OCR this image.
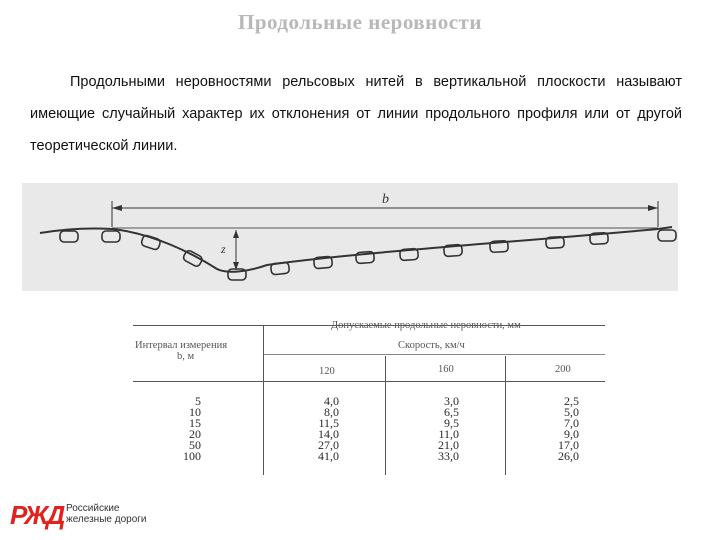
Продольные неровности
Продольными неровностями рельсовых нитей в вертикальной плоскости называют имеющие случайный характер их отклонения от линии продольного профиля или от другой теоретической линии.
b
z
Интервал измерения
b, м
Допускаемые продольные неровности, мм
Скорость, км/ч
120	160	200
5
10
15
20
50
100
4,0
8,0
11,5
14,0
27,0
41,0
3,0
6,5
9,5
11,0
21,0
33,0
2,5
5,0
7,0
9,0
17,0
26,0
РЖД Российские
железные дороги
